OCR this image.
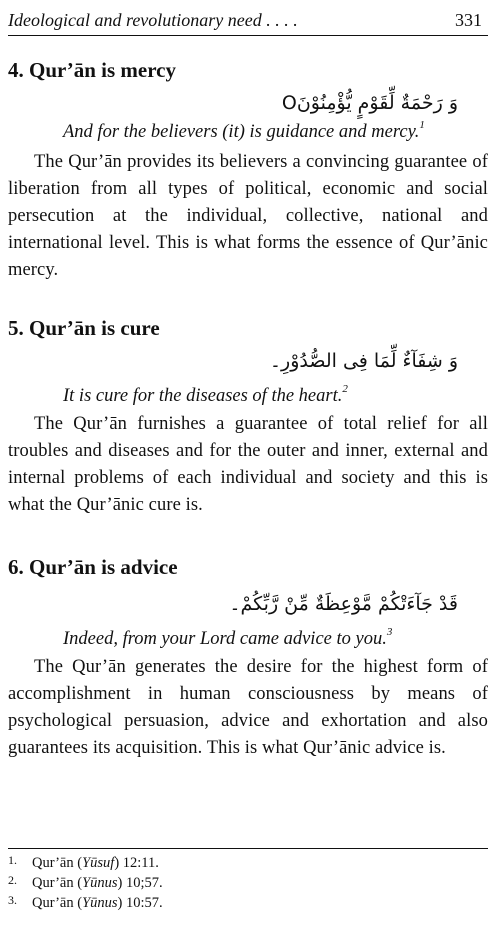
Ideological and revolutionary need . . . .	331
4. Qur’ān is mercy
وَ رَحْمَةٌ لِّقَوْمٍ يُّؤْمِنُوْنَO

And for the believers (it) is guidance and mercy.$^1$

The Qur’ān provides its believers a convincing guarantee of liberation from all types of political, economic and social persecution at the individual, collective, national and international level. This is what forms the essence of Qur’ānic mercy.

5. Qur’ān is cure
وَ شِفَآءٌ لِّمَا فِى الصُّدُوْرِ۔

It is cure for the diseases of the heart.$^2$

The Qur’ān furnishes a guarantee of total relief for all troubles and diseases and for the outer and inner, external and internal problems of each individual and society and this is what the Qur’ānic cure is.

6. Qur’ān is advice
قَدْ جَآءَتْكُمْ مَّوْعِظَةٌ مِّنْ رَّبِّكُمْ۔

Indeed, from your Lord came advice to you.$^3$

The Qur’ān generates the desire for the highest form of accomplishment in human consciousness by means of psychological persuasion, advice and exhortation and also guarantees its acquisition. This is what Qur’ānic advice is.

1.	Qur’ān (Yūsuf) 12:11.
2.	Qur’ān (Yūnus) 10;57.
3.	Qur’ān (Yūnus) 10:57.
